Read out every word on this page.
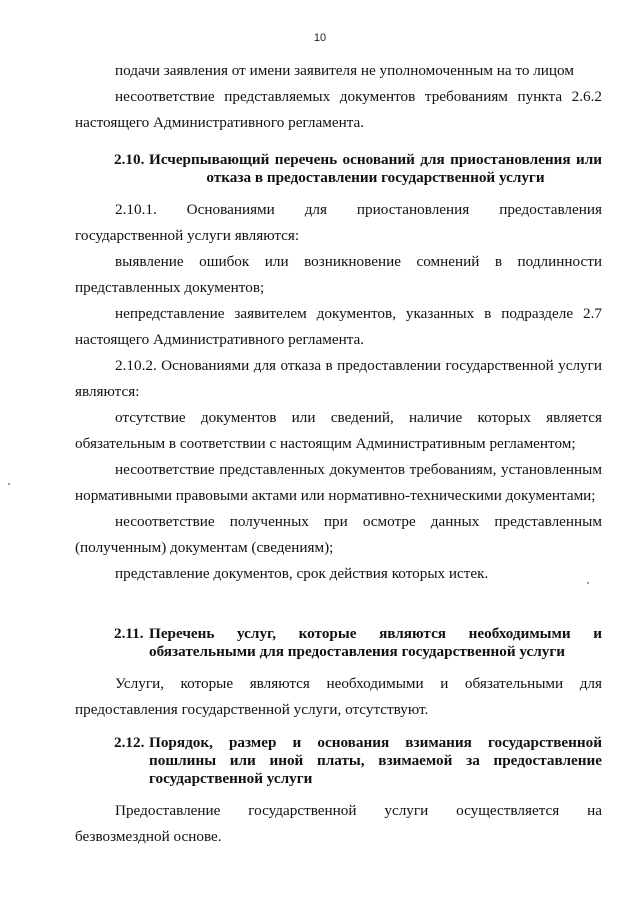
10

подачи заявления от имени заявителя не уполномоченным на то лицом

несоответствие представляемых документов требованиям пункта 2.6.2 настоящего Административного регламента.

2.10. Исчерпывающий перечень оснований для приостановления или отказа в предоставлении государственной услуги

2.10.1. Основаниями для приостановления предоставления государственной услуги являются:

выявление ошибок или возникновение сомнений в подлинности представленных документов;

непредставление заявителем документов, указанных в подразделе 2.7 настоящего Административного регламента.

2.10.2. Основаниями для отказа в предоставлении государственной услуги являются:

отсутствие документов или сведений, наличие которых является обязательным в соответствии с настоящим Административным регламентом;

несоответствие представленных документов требованиям, установленным нормативными правовыми актами или нормативно-техническими документами;

несоответствие полученных при осмотре данных представленным (полученным) документам (сведениям);

представление документов, срок действия которых истек.

2.11. Перечень услуг, которые являются необходимыми и обязательными для предоставления государственной услуги

Услуги, которые являются необходимыми и обязательными для предоставления государственной услуги, отсутствуют.

2.12. Порядок, размер и основания взимания государственной пошлины или иной платы, взимаемой за предоставление государственной услуги

Предоставление государственной услуги осуществляется на безвозмездной основе.
